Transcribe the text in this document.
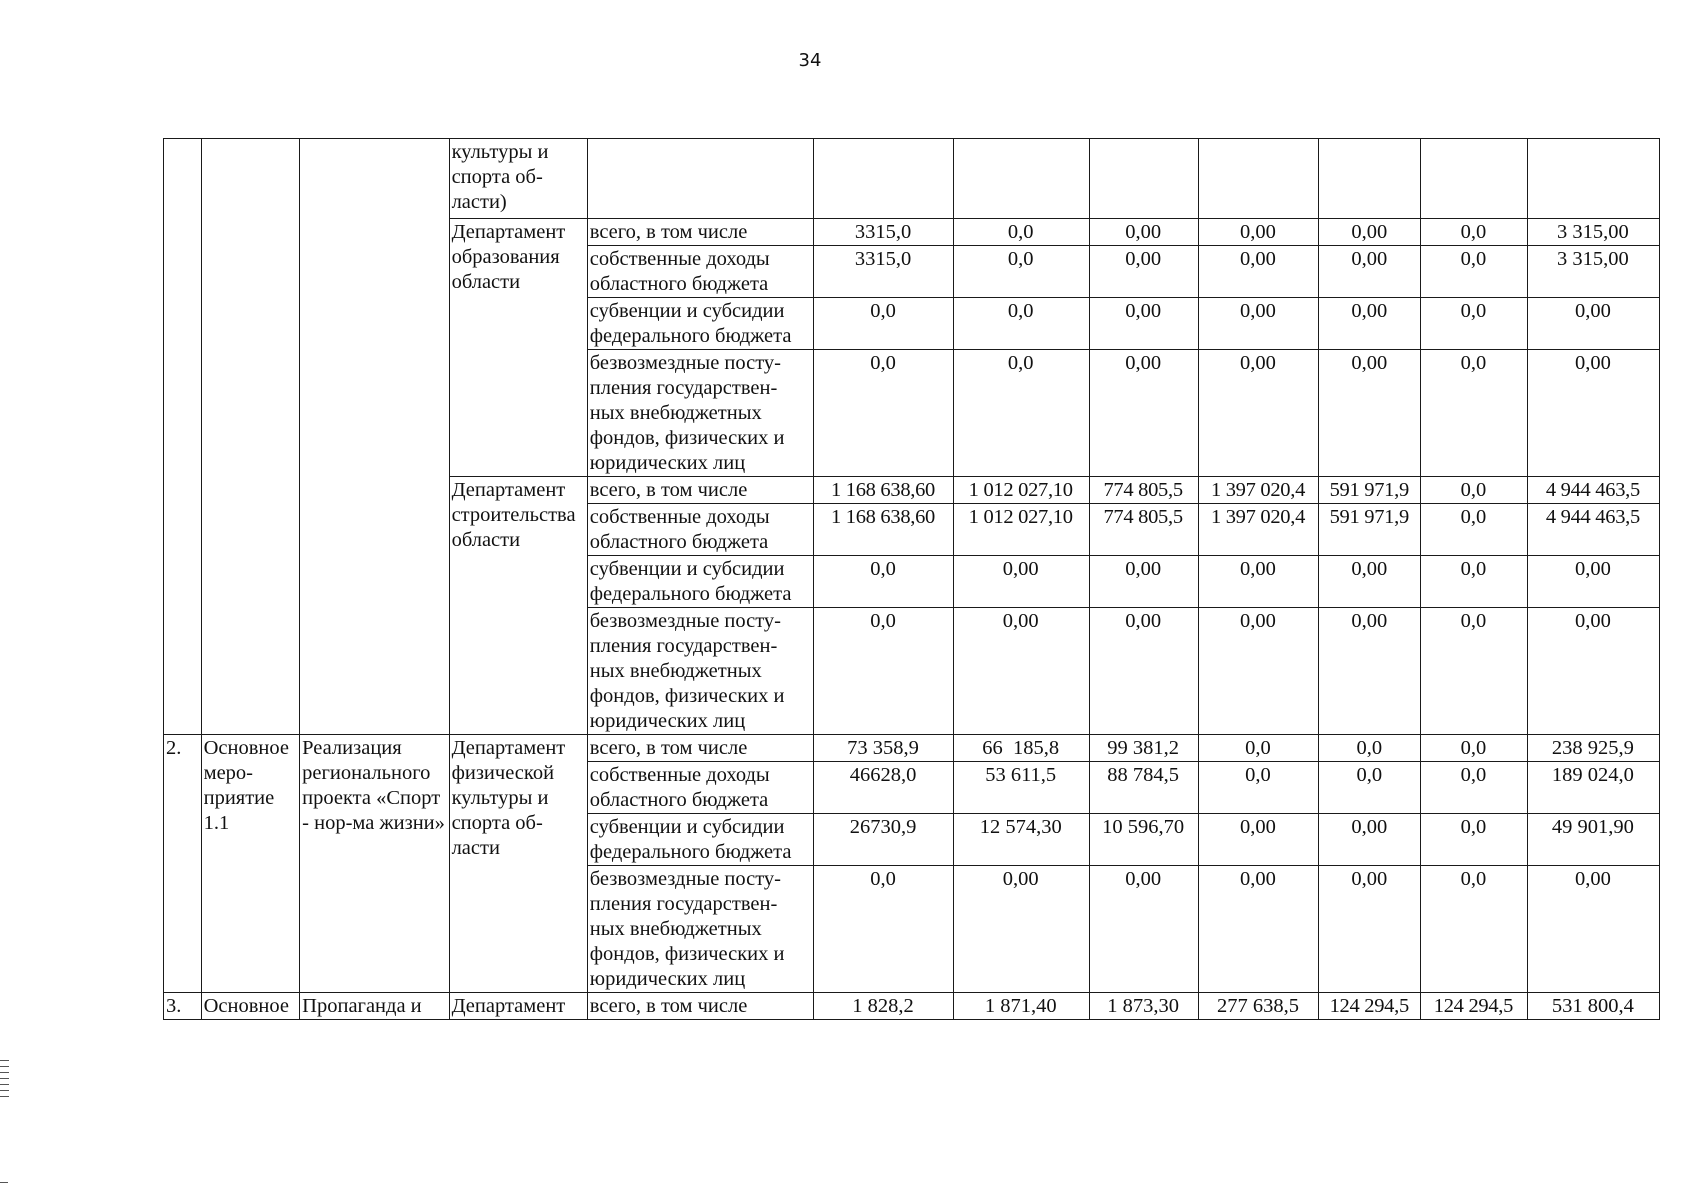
34
			культуры и спорта об-ласти)								
			Департамент образования области	всего, в том числе	3315,0	0,0	0,00	0,00	0,00	0,0	3 315,00
				собственные доходы областного бюджета	3315,0	0,0	0,00	0,00	0,00	0,0	3 315,00
				субвенции и субсидии федерального бюджета	0,0	0,0	0,00	0,00	0,00	0,0	0,00
				безвозмездные посту-пления государствен-ных внебюджетных фондов, физических и юридических лиц	0,0	0,0	0,00	0,00	0,00	0,0	0,00
			Департамент строительства области	всего, в том числе	1 168 638,60	1 012 027,10	774 805,5	1 397 020,4	591 971,9	0,0	4 944 463,5
				собственные доходы областного бюджета	1 168 638,60	1 012 027,10	774 805,5	1 397 020,4	591 971,9	0,0	4 944 463,5
				субвенции и субсидии федерального бюджета	0,0	0,00	0,00	0,00	0,00	0,0	0,00
				безвозмездные посту-пления государствен-ных внебюджетных фондов, физических и юридических лиц	0,0	0,00	0,00	0,00	0,00	0,0	0,00
2.	Основное меро-приятие 1.1	Реализация регионального проекта «Спорт - нор-ма жизни»	Департамент физической культуры и спорта об-ласти	всего, в том числе	73 358,9	66  185,8	99 381,2	0,0	0,0	0,0	238 925,9
				собственные доходы областного бюджета	46628,0	53 611,5	88 784,5	0,0	0,0	0,0	189 024,0
				субвенции и субсидии федерального бюджета	26730,9	12 574,30	10 596,70	0,00	0,00	0,0	49 901,90
				безвозмездные посту-пления государствен-ных внебюджетных фондов, физических и юридических лиц	0,0	0,00	0,00	0,00	0,00	0,0	0,00
3.	Основное	Пропаганда и	Департамент	всего, в том числе	1 828,2	1 871,40	1 873,30	277 638,5	124 294,5	124 294,5	531 800,4
